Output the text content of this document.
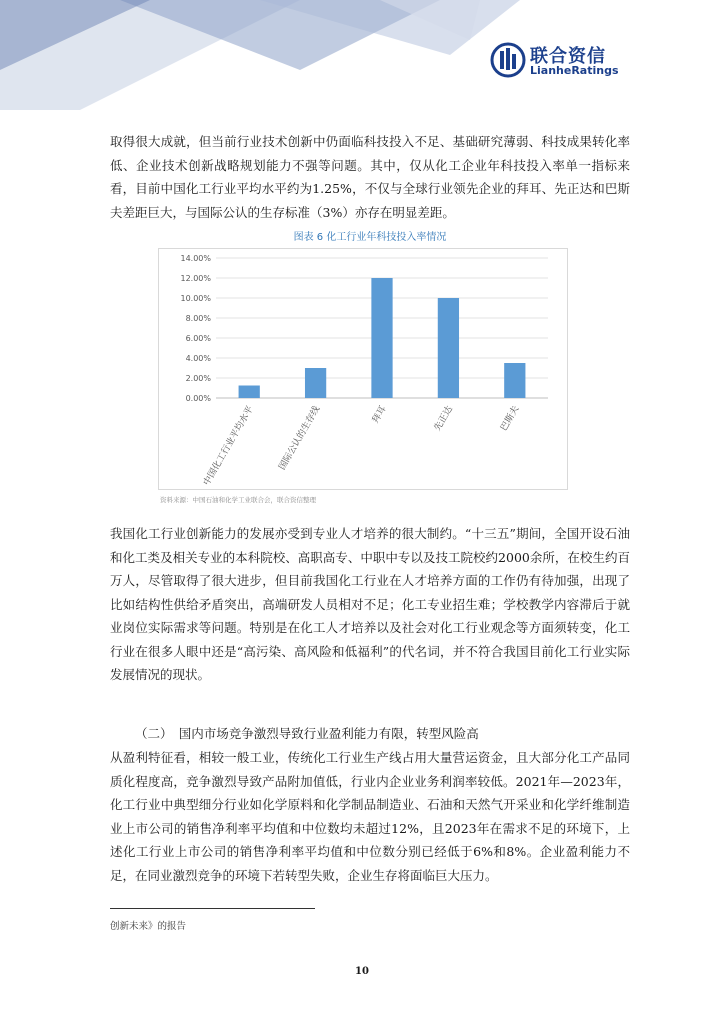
联合资信
LianheRatings

取得很大成就，但当前行业技术创新中仍面临科技投入不足、基础研究薄弱、科技成果转化率低、企业技术创新战略规划能力不强等问题。其中，仅从化工企业年科技投入率单一指标来看，目前中国化工行业平均水平约为1.25%，不仅与全球行业领先企业的拜耳、先正达和巴斯夫差距巨大，与国际公认的生存标准（3%）亦存在明显差距。

图表 6 化工行业年科技投入率情况
0.00%
2.00%
4.00%
6.00%
8.00%
10.00%
12.00%
14.00%
中国化工行业平均水平 国际公认的生存线	拜耳	先正达	巴斯夫
资料来源：中国石油和化学工业联合会，联合资信整理

我国化工行业创新能力的发展亦受到专业人才培养的很大制约。“十三五”期间，全国开设石油和化工类及相关专业的本科院校、高职高专、中职中专以及技工院校约2000余所，在校生约百万人，尽管取得了很大进步，但目前我国化工行业在人才培养方面的工作仍有待加强，出现了比如结构性供给矛盾突出，高端研发人员相对不足；化工专业招生难；学校教学内容滞后于就业岗位实际需求等问题。特别是在化工人才培养以及社会对化工行业观念等方面须转变，化工行业在很多人眼中还是“高污染、高风险和低福利”的代名词，并不符合我国目前化工行业实际发展情况的现状。

（二）　国内市场竞争激烈导致行业盈利能力有限，转型风险高

从盈利特征看，相较一般工业，传统化工行业生产线占用大量营运资金，且大部分化工产品同质化程度高，竞争激烈导致产品附加值低，行业内企业业务利润率较低。2021年—2023年，化工行业中典型细分行业如化学原料和化学制品制造业、石油和天然气开采业和化学纤维制造业上市公司的销售净利率平均值和中位数均未超过12%，且2023年在需求不足的环境下，上述化工行业上市公司的销售净利率平均值和中位数分别已经低于6%和8%。企业盈利能力不足，在同业激烈竞争的环境下若转型失败，企业生存将面临巨大压力。

创新未来》的报告
10
